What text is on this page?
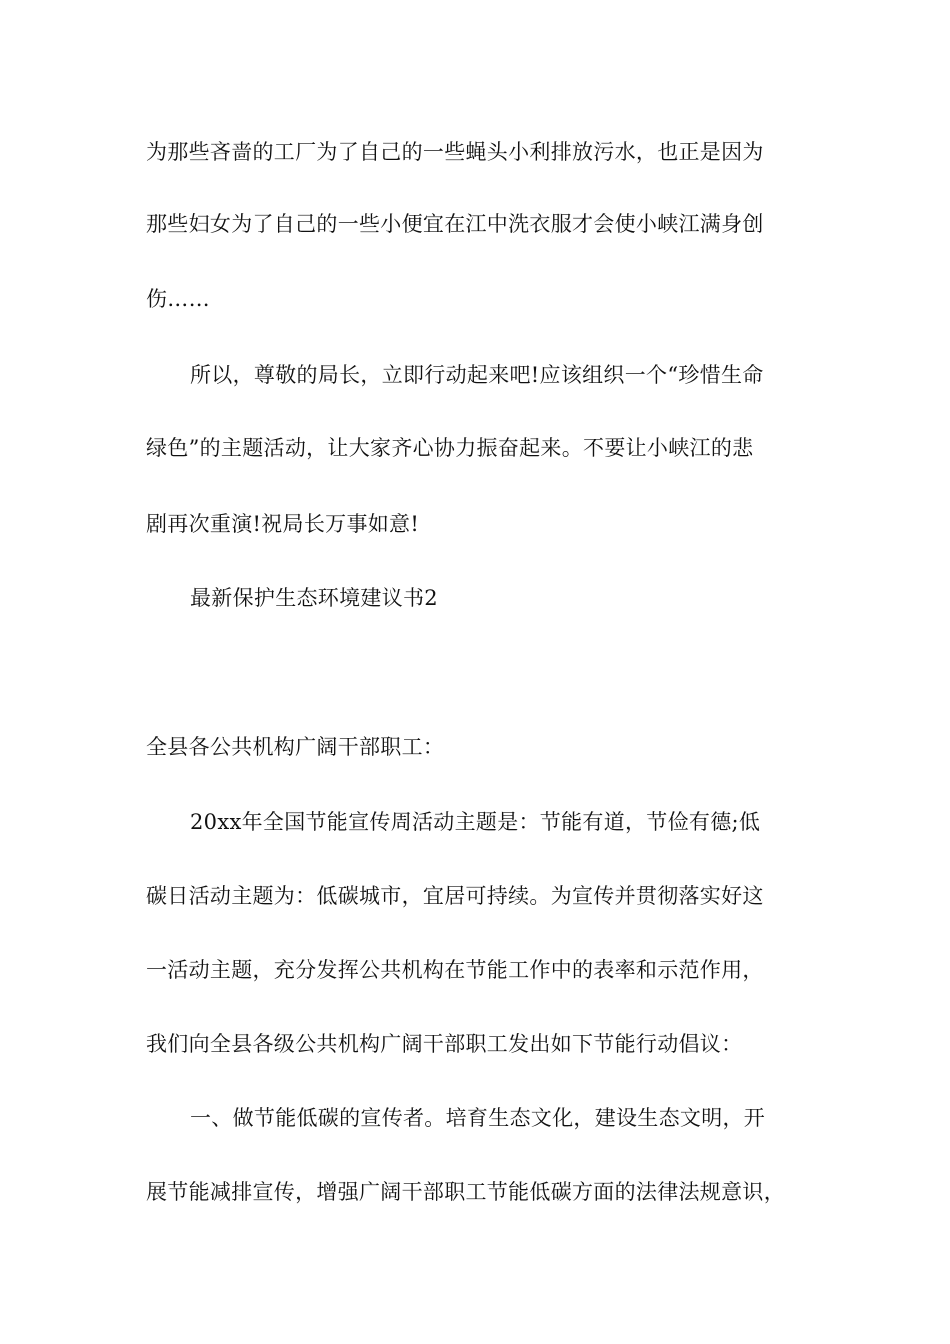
为那些吝啬的工厂为了自己的一些蝇头小利排放污水，也正是因为
那些妇女为了自己的一些小便宜在江中洗衣服才会使小峡江满身创
伤……
所以，尊敬的局长，立即行动起来吧!应该组织一个“珍惜生命
绿色”的主题活动，让大家齐心协力振奋起来。不要让小峡江的悲
剧再次重演!祝局长万事如意!
最新保护生态环境建议书2
全县各公共机构广阔干部职工：
20xx年全国节能宣传周活动主题是：节能有道，节俭有德;低
碳日活动主题为：低碳城市，宜居可持续。为宣传并贯彻落实好这
一活动主题，充分发挥公共机构在节能工作中的表率和示范作用，
我们向全县各级公共机构广阔干部职工发出如下节能行动倡议：
一、做节能低碳的宣传者。培育生态文化，建设生态文明，开
展节能减排宣传，增强广阔干部职工节能低碳方面的法律法规意识，
